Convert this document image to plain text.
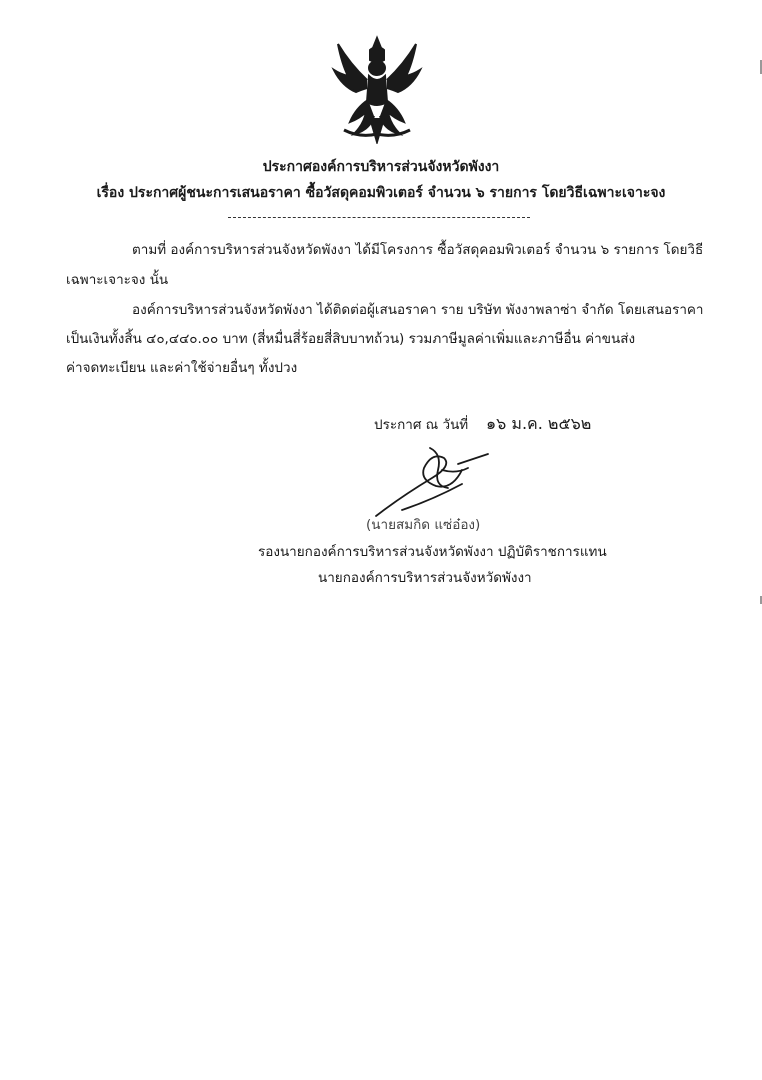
ประกาศองค์การบริหารส่วนจังหวัดพังงา
เรื่อง ประกาศผู้ชนะการเสนอราคา ซื้อวัสดุคอมพิวเตอร์ จำนวน ๖ รายการ โดยวิธีเฉพาะเจาะจง
ตามที่ องค์การบริหารส่วนจังหวัดพังงา ได้มีโครงการ ซื้อวัสดุคอมพิวเตอร์ จำนวน ๖ รายการ โดยวิธี
เฉพาะเจาะจง นั้น
องค์การบริหารส่วนจังหวัดพังงา ได้ติดต่อผู้เสนอราคา ราย บริษัท พังงาพลาซ่า จำกัด โดยเสนอราคา
เป็นเงินทั้งสิ้น ๔๐,๔๔๐.๐๐ บาท (สี่หมื่นสี่ร้อยสี่สิบบาทถ้วน) รวมภาษีมูลค่าเพิ่มและภาษีอื่น ค่าขนส่ง
ค่าจดทะเบียน และค่าใช้จ่ายอื่นๆ ทั้งปวง
ประกาศ ณ วันที่ ๑๖ ม.ค. ๒๕๖๒
(นายสมกิด แซ่อ๋อง)
รองนายกองค์การบริหารส่วนจังหวัดพังงา ปฏิบัติราชการแทน
นายกองค์การบริหารส่วนจังหวัดพังงา
